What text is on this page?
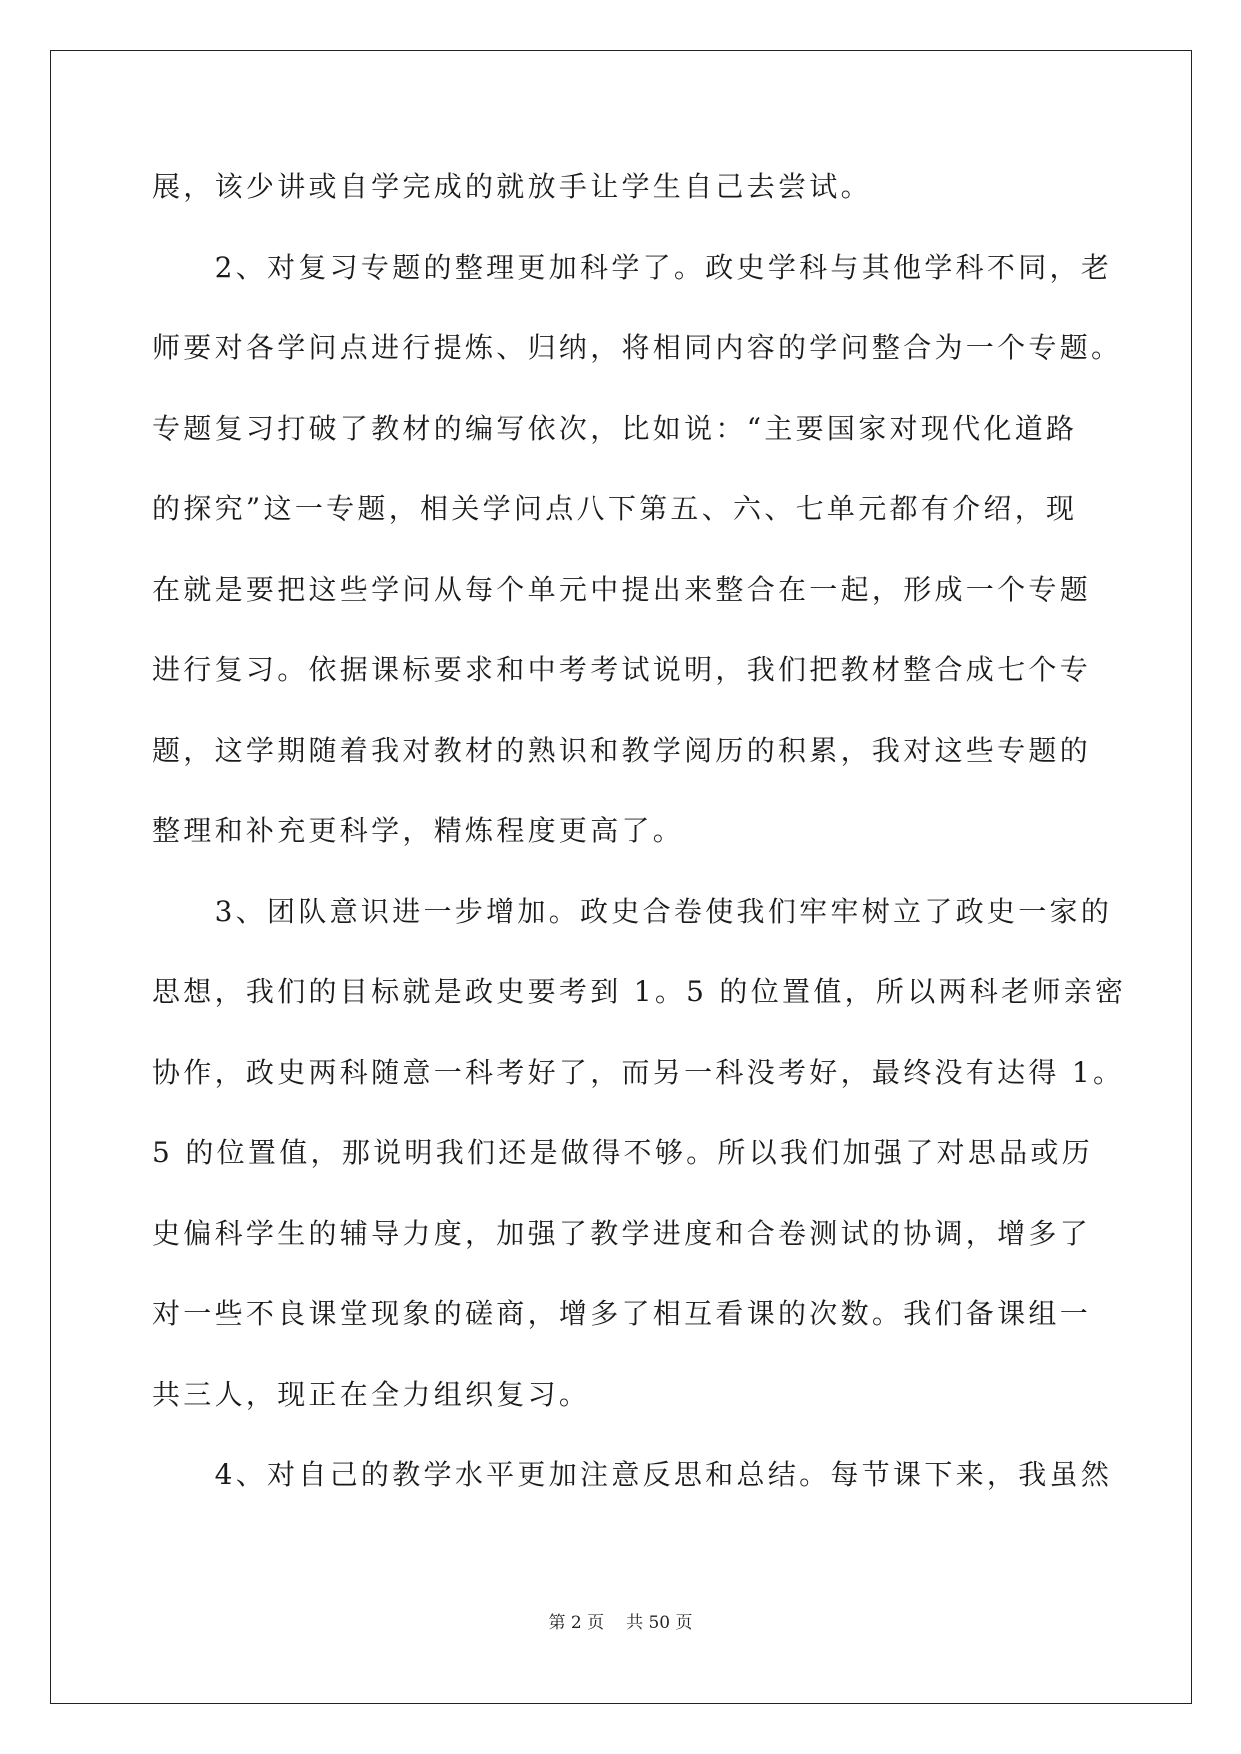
展，该少讲或自学完成的就放手让学生自己去尝试。
　　2、对复习专题的整理更加科学了。政史学科与其他学科不同，老
师要对各学问点进行提炼、归纳，将相同内容的学问整合为一个专题。
专题复习打破了教材的编写依次，比如说：“主要国家对现代化道路
的探究”这一专题，相关学问点八下第五、六、七单元都有介绍，现
在就是要把这些学问从每个单元中提出来整合在一起，形成一个专题
进行复习。依据课标要求和中考考试说明，我们把教材整合成七个专
题，这学期随着我对教材的熟识和教学阅历的积累，我对这些专题的
整理和补充更科学，精炼程度更高了。
　　3、团队意识进一步增加。政史合卷使我们牢牢树立了政史一家的
思想，我们的目标就是政史要考到 1。5 的位置值，所以两科老师亲密
协作，政史两科随意一科考好了，而另一科没考好，最终没有达得 1。
5 的位置值，那说明我们还是做得不够。所以我们加强了对思品或历
史偏科学生的辅导力度，加强了教学进度和合卷测试的协调，增多了
对一些不良课堂现象的磋商，增多了相互看课的次数。我们备课组一
共三人，现正在全力组织复习。
　　4、对自己的教学水平更加注意反思和总结。每节课下来，我虽然
第 2 页 共 50 页
